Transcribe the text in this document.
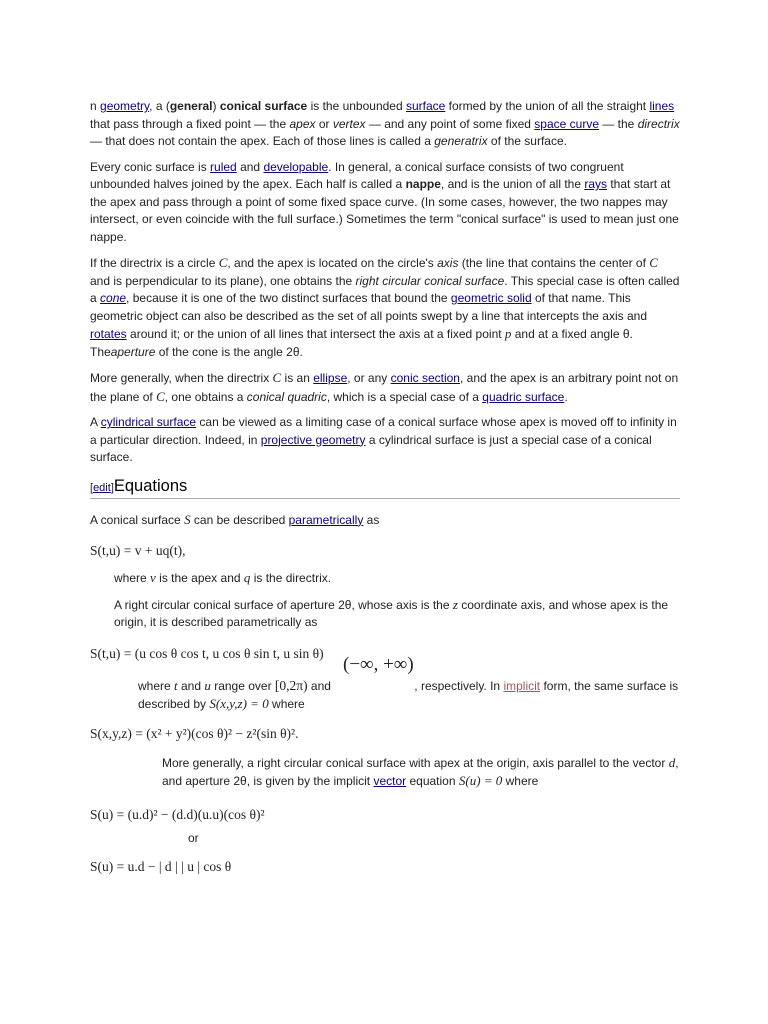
n geometry, a (general) conical surface is the unbounded surface formed by the union of all the straight lines that pass through a fixed point — the apex or vertex — and any point of some fixed space curve — the directrix — that does not contain the apex. Each of those lines is called a generatrix of the surface.

Every conic surface is ruled and developable. In general, a conical surface consists of two congruent unbounded halves joined by the apex. Each half is called a nappe, and is the union of all the rays that start at the apex and pass through a point of some fixed space curve. (In some cases, however, the two nappes may intersect, or even coincide with the full surface.) Sometimes the term "conical surface" is used to mean just one nappe.

If the directrix is a circle C, and the apex is located on the circle's axis (the line that contains the center of C and is perpendicular to its plane), one obtains the right circular conical surface. This special case is often called a cone, because it is one of the two distinct surfaces that bound the geometric solid of that name. This geometric object can also be described as the set of all points swept by a line that intercepts the axis and rotates around it; or the union of all lines that intersect the axis at a fixed point p and at a fixed angle θ. Theaperture of the cone is the angle 2θ.

More generally, when the directrix C is an ellipse, or any conic section, and the apex is an arbitrary point not on the plane of C, one obtains a conical quadric, which is a special case of a quadric surface.

A cylindrical surface can be viewed as a limiting case of a conical surface whose apex is moved off to infinity in a particular direction. Indeed, in projective geometry a cylindrical surface is just a special case of a conical surface.

[edit]Equations

A conical surface S can be described parametrically as

S(t,u) = v + uq(t),

where v is the apex and q is the directrix.

A right circular conical surface of aperture 2θ, whose axis is the z coordinate axis, and whose apex is the origin, it is described parametrically as

S(t,u) = (u cos θ cos t, u cos θ sin t, u sin θ)
(−∞, +∞)

where t and u range over [0,2π) and	, respectively. In implicit form, the same surface is described by S(x,y,z) = 0 where

S(x,y,z) = (x² + y²)(cos θ)² − z²(sin θ)².

More generally, a right circular conical surface with apex at the origin, axis parallel to the vector d, and aperture 2θ, is given by the implicit vector equation S(u) = 0 where

S(u) = (u.d)² − (d.d)(u.u)(cos θ)²
or
S(u) = u.d − | d | | u | cos θ
